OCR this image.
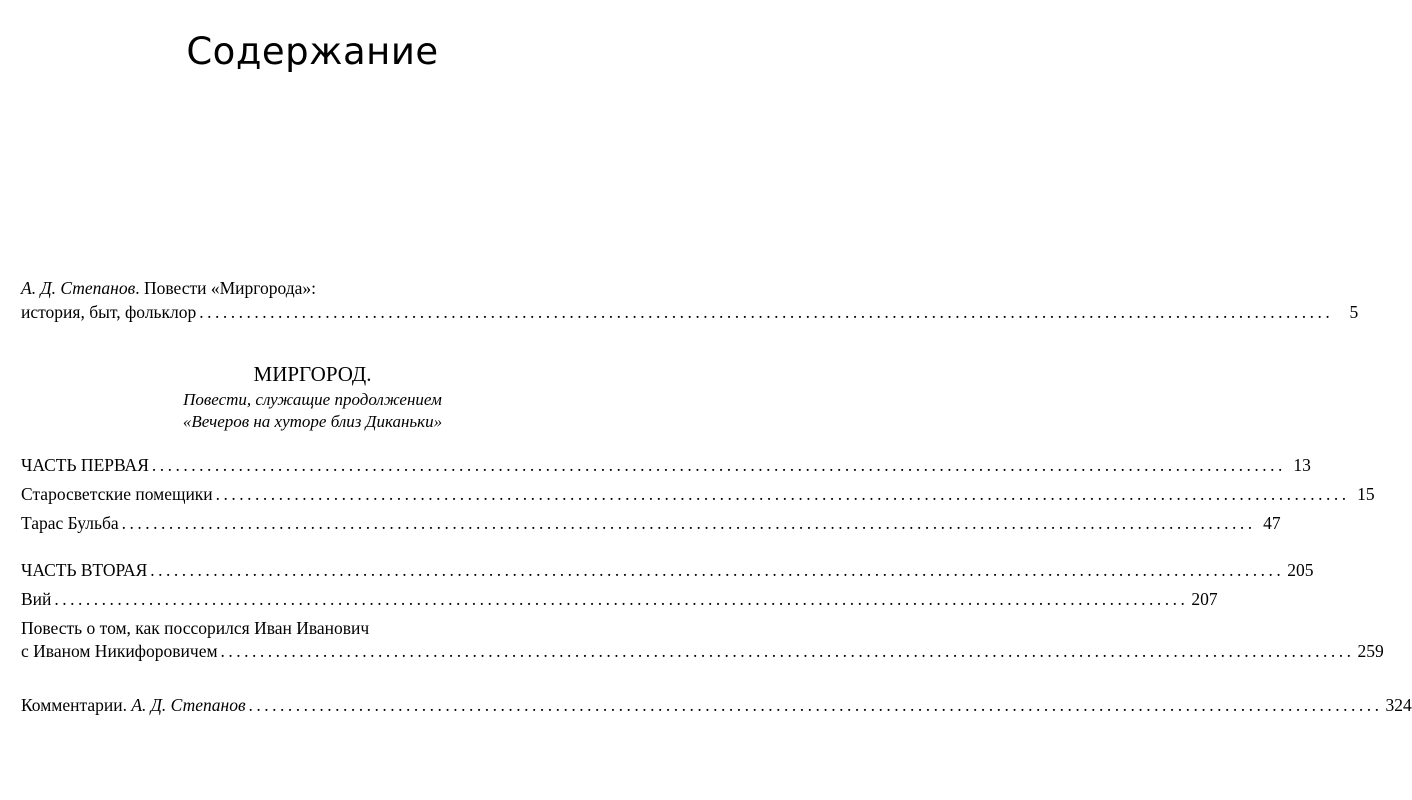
Содержание
А. Д. Степанов. Повести «Миргорода»:
история, быт, фольклор ................................................................................................................................................ 5
МИРГОРОД.
Повести, служащие продолжением
«Вечеров на хуторе близ Диканьки»
ЧАСТЬ ПЕРВАЯ ................................................................................................................................................ 13
Старосветские помещики ................................................................................................................................................ 15
Тарас Бульба ................................................................................................................................................ 47
ЧАСТЬ ВТОРАЯ ................................................................................................................................................ 205
Вий ................................................................................................................................................ 207
Повесть о том, как поссорился Иван Иванович
с Иваном Никифоровичем ................................................................................................................................................ 259
Комментарии. А. Д. Степанов ................................................................................................................................................ 324
